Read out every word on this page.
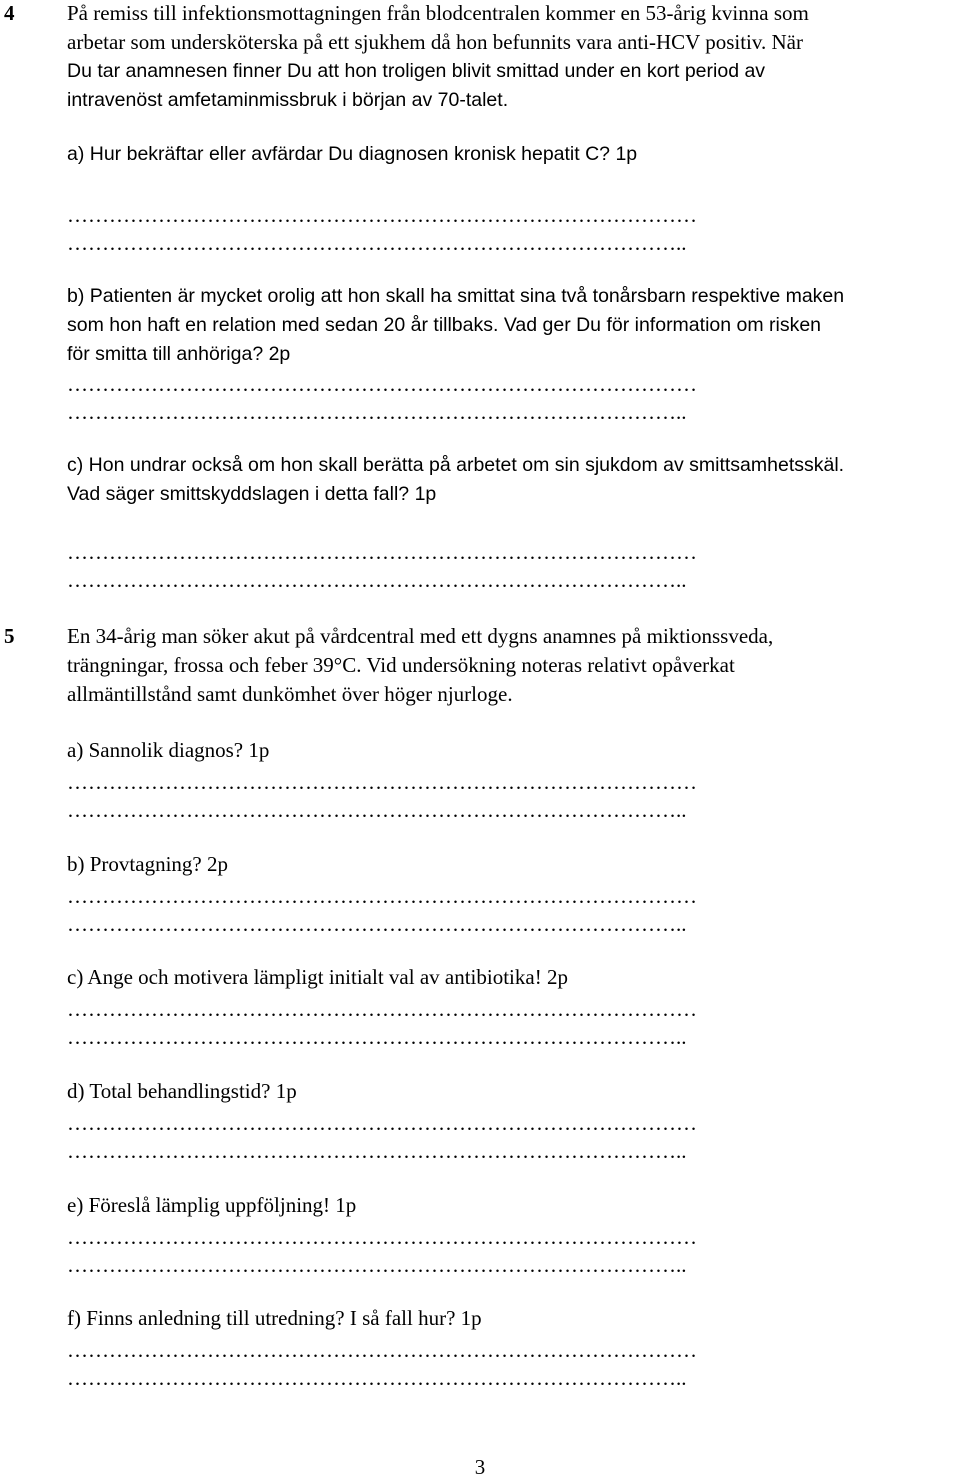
4	På remiss till infektionsmottagningen från blodcentralen kommer en 53-årig kvinna som
arbetar som undersköterska på ett sjukhem då hon befunnits vara anti-HCV positiv. När
Du tar anamnesen finner Du att hon troligen blivit smittad under en kort period av
intravenöst amfetaminmissbruk i början av 70-talet.
a) Hur bekräftar eller avfärdar Du diagnosen kronisk hepatit C? 1p
………………………………………………………………………………
……………………………………………………………………………..
b) Patienten är mycket orolig att hon skall ha smittat sina två tonårsbarn respektive maken
som hon haft en relation med sedan 20 år tillbaks. Vad ger Du för information om risken
för smitta till anhöriga? 2p
………………………………………………………………………………
……………………………………………………………………………..
c) Hon undrar också om hon skall berätta på arbetet om sin sjukdom av smittsamhetsskäl.
Vad säger smittskyddslagen i detta fall? 1p
………………………………………………………………………………
……………………………………………………………………………..
5	En 34-årig man söker akut på vårdcentral med ett dygns anamnes på miktionssveda,
trängningar, frossa och feber 39°C. Vid undersökning noteras relativt opåverkat
allmäntillstånd samt dunkömhet över höger njurloge.
a) Sannolik diagnos? 1p
………………………………………………………………………………
……………………………………………………………………………..
b) Provtagning? 2p
………………………………………………………………………………
……………………………………………………………………………..
c) Ange och motivera lämpligt initialt val av antibiotika! 2p
………………………………………………………………………………
……………………………………………………………………………..
d) Total behandlingstid? 1p
………………………………………………………………………………
……………………………………………………………………………..
e) Föreslå lämplig uppföljning! 1p
………………………………………………………………………………
……………………………………………………………………………..
f) Finns anledning till utredning? I så fall hur? 1p
………………………………………………………………………………
……………………………………………………………………………..
3
